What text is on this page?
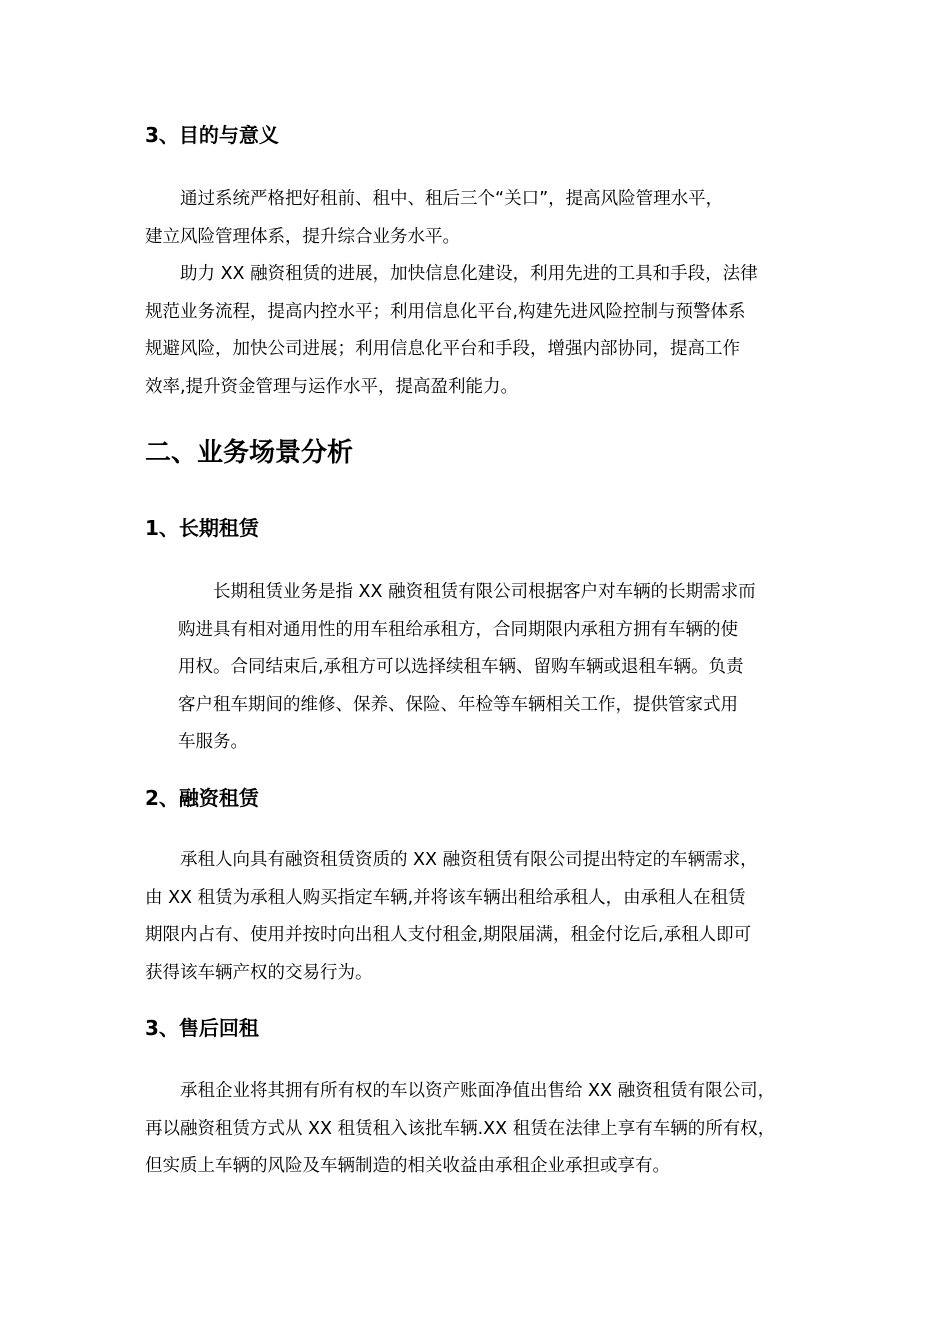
3、目的与意义
通过系统严格把好租前、租中、租后三个“关口”，提高风险管理水平，
建立风险管理体系，提升综合业务水平。
助力 XX 融资租赁的进展，加快信息化建设，利用先进的工具和手段，法律
规范业务流程，提高内控水平；利用信息化平台,构建先进风险控制与预警体系
规避风险，加快公司进展；利用信息化平台和手段，增强内部协同，提高工作
效率,提升资金管理与运作水平，提高盈利能力。
二、业务场景分析
1、长期租赁
长期租赁业务是指 XX 融资租赁有限公司根据客户对车辆的长期需求而
购进具有相对通用性的用车租给承租方，合同期限内承租方拥有车辆的使
用权。合同结束后,承租方可以选择续租车辆、留购车辆或退租车辆。负责
客户租车期间的维修、保养、保险、年检等车辆相关工作，提供管家式用
车服务。
2、融资租赁
承租人向具有融资租赁资质的 XX 融资租赁有限公司提出特定的车辆需求，
由 XX 租赁为承租人购买指定车辆,并将该车辆出租给承租人，由承租人在租赁
期限内占有、使用并按时向出租人支付租金,期限届满，租金付讫后,承租人即可
获得该车辆产权的交易行为。
3、售后回租
承租企业将其拥有所有权的车以资产账面净值出售给 XX 融资租赁有限公司，
再以融资租赁方式从 XX 租赁租入该批车辆.XX 租赁在法律上享有车辆的所有权，
但实质上车辆的风险及车辆制造的相关收益由承租企业承担或享有。
